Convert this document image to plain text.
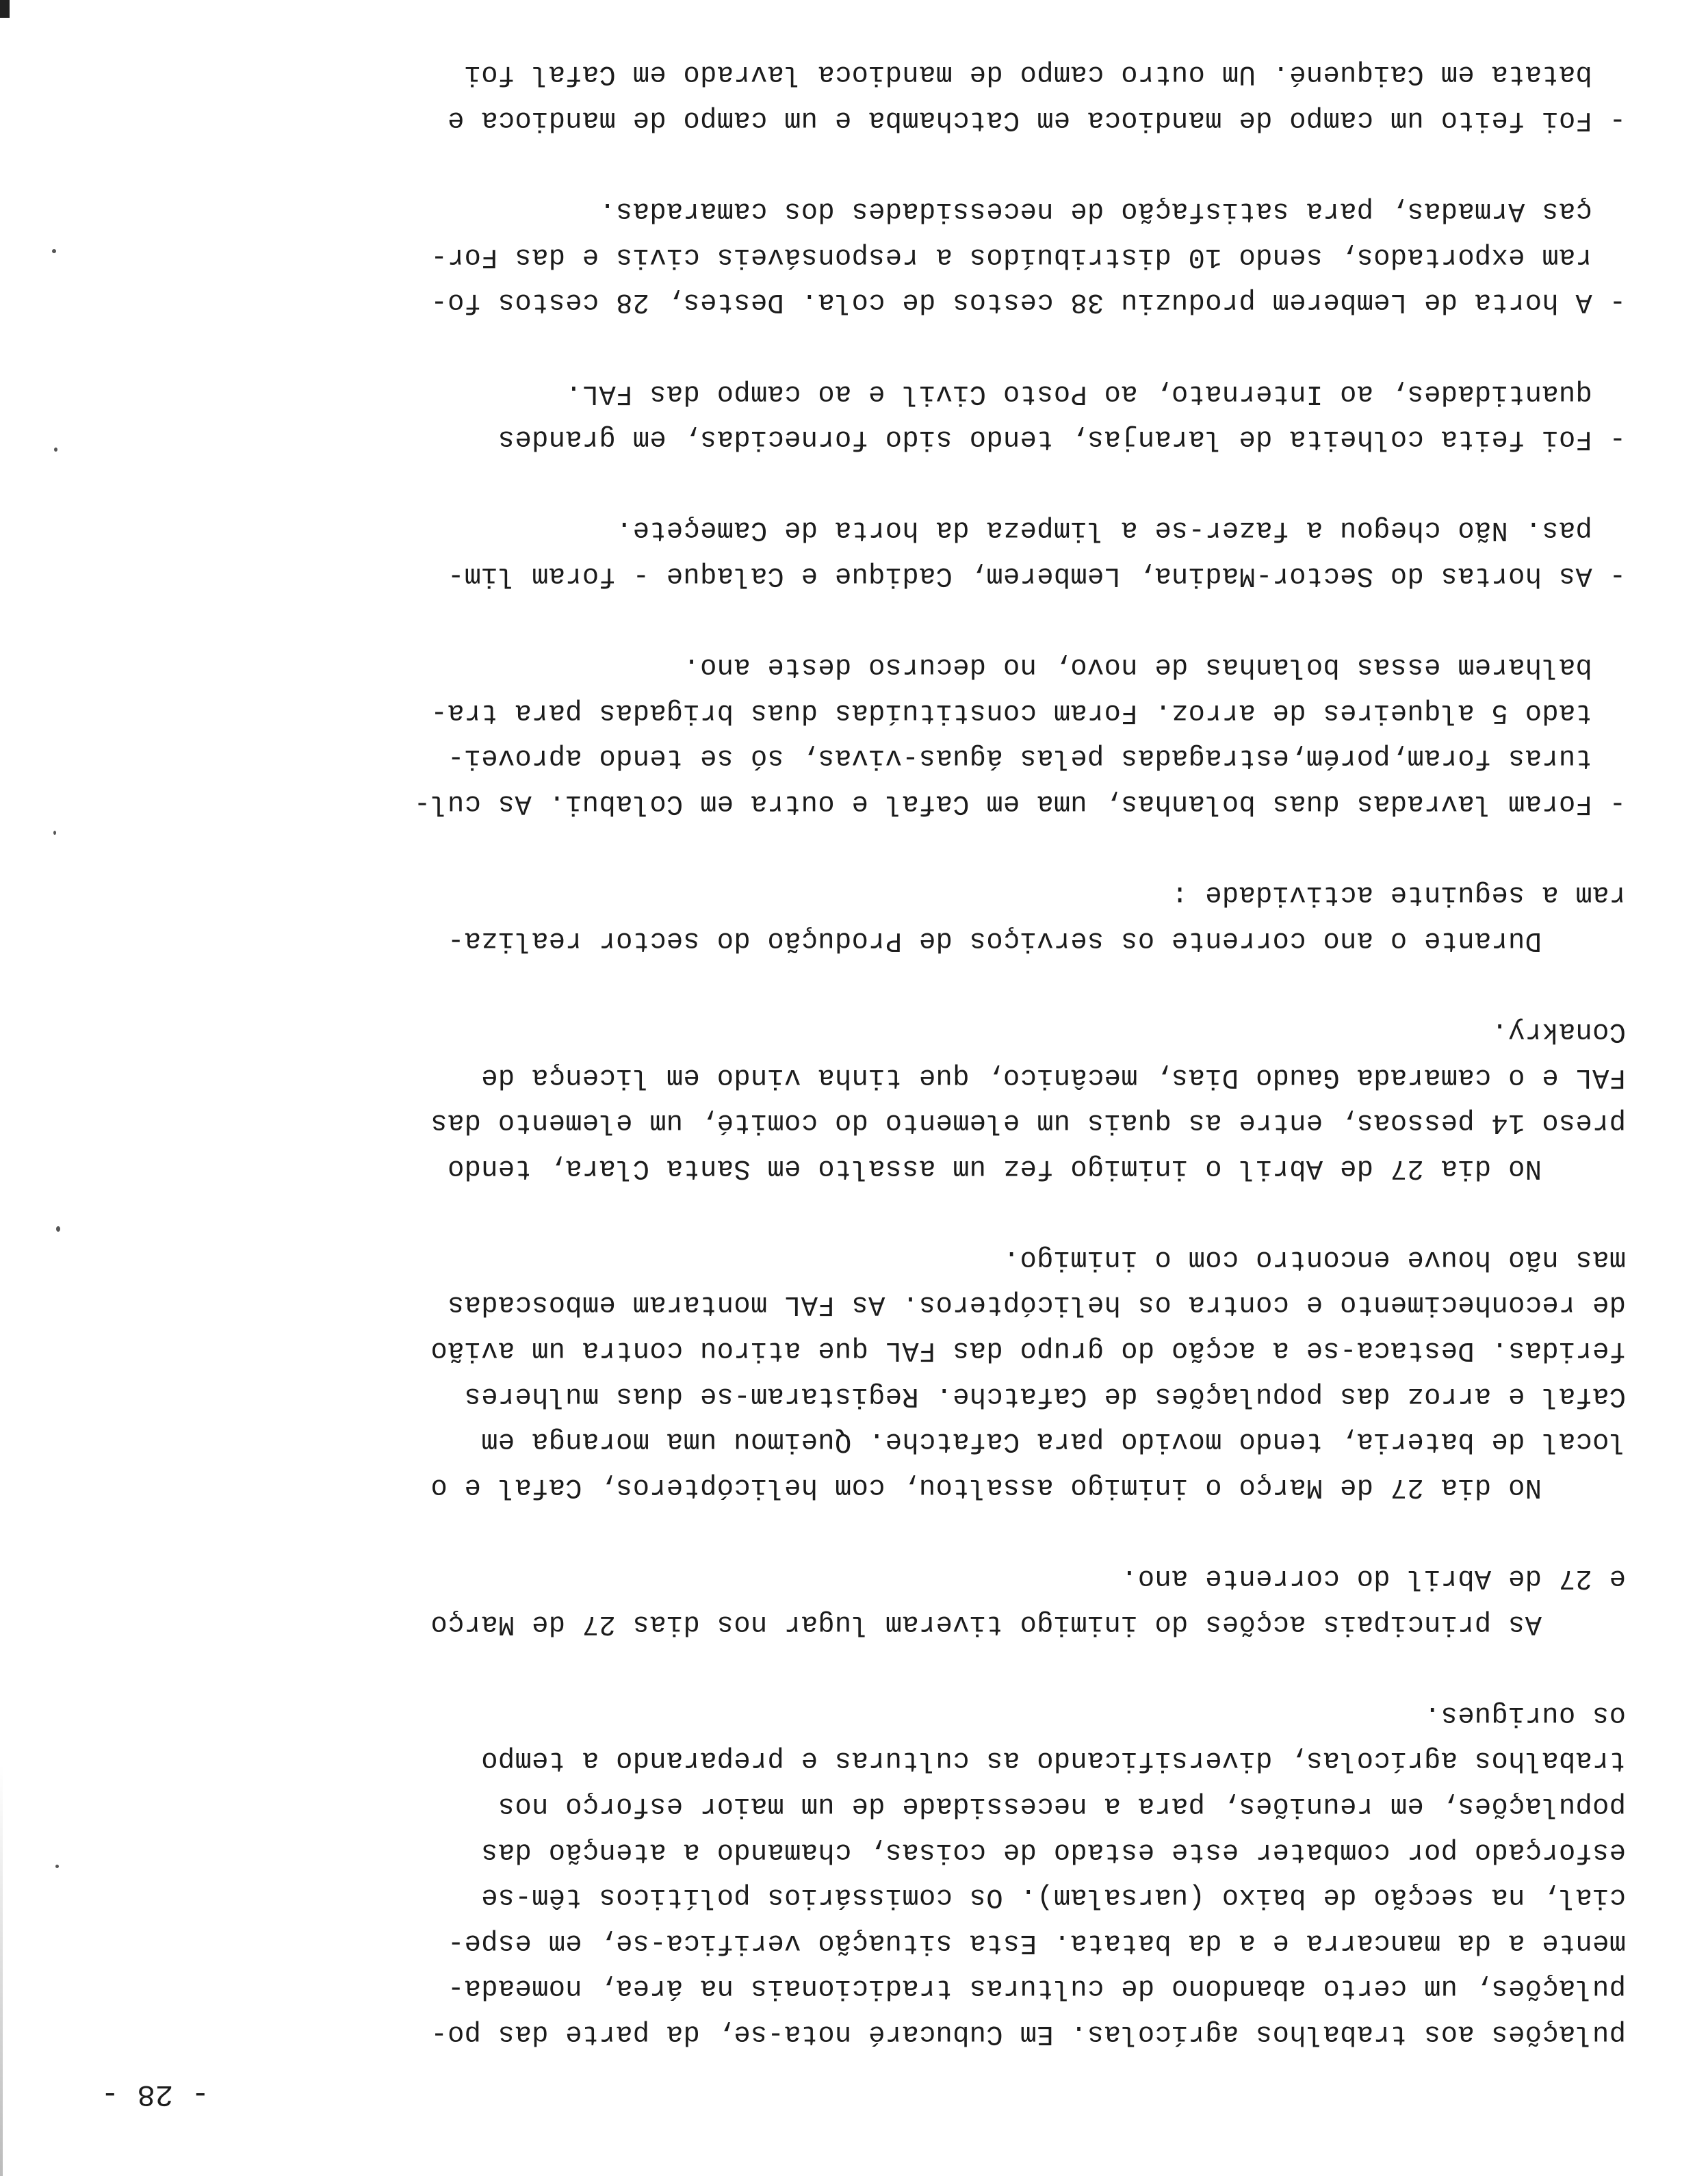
- 28 -
pulações aos trabalhos agrícolas. Em Cubucaré nota-se, da parte das po-
pulações, um certo abandono de culturas tradicionais na área, nomeada-
mente a da mancarra e a da batata. Esta situação verifica-se, em espe-
cial, na secção de baixo (uarsalam). Os comissários políticos têm-se
esforçado por combater este estado de coisas, chamando a atenção das
populações, em reuniões, para a necessidade de um maior esforço nos
trabalhos agrícolas, diversificando as culturas e preparando a tempo
os ourigues.
As principais acções do inimigo tiveram lugar nos dias 27 de Março
e 27 de Abril do corrente ano.
No dia 27 de Março o inimigo assaltou, com helicópteros, Cafal e o
local de bateria, tendo movido para Cafatche. Queimou uma moranga em
Cafal e arroz das populações de Cafatche. Registaram-se duas mulheres
feridas. Destaca-se a acção do grupo das FAL que atirou contra um avião
de reconhecimento e contra os helicópteros. As FAL montaram emboscadas
mas não houve encontro com o inimigo.
No dia 27 de Abril o inimigo fez um assalto em Santa Clara, tendo
preso 14 pessoas, entre as quais um elemento do comité, um elemento das
FAL e o camarada Gaudo Dias, mecânico, que tinha vindo em licença de
Conakry.
Durante o ano corrente os serviços de Produção do sector realiza-
ram a seguinte actividade :
- Foram lavradas duas bolanhas, uma em Cafal e outra em Colabui. As cul-
turas foram,porém,estragadas pelas águas-vivas, só se tendo aprovei-
tado 5 alqueires de arroz. Foram constituídas duas brigadas para tra-
balharem essas bolanhas de novo, no decurso deste ano.
- As hortas do Sector-Madina, Lemberem, Cadique e Calaque - foram lim-
pas. Não chegou a fazer-se a limpeza da horta de Cameçete.
- Foi feita colheita de laranjas, tendo sido fornecidas, em grandes
quantidades, ao Internato, ao Posto Civil e ao campo das FAL.
- A horta de Lemberem produziu 38 cestos de cola. Destes, 28 cestos fo-
ram exportados, sendo 10 distribuídos a responsáveis civis e das For-
ças Armadas, para satisfação de necessidades dos camaradas.
- Foi feito um campo de mandioca em Catchamba e um campo de mandioca e
batata em Caiquené. Um outro campo de mandioca lavrado em Cafal foi
